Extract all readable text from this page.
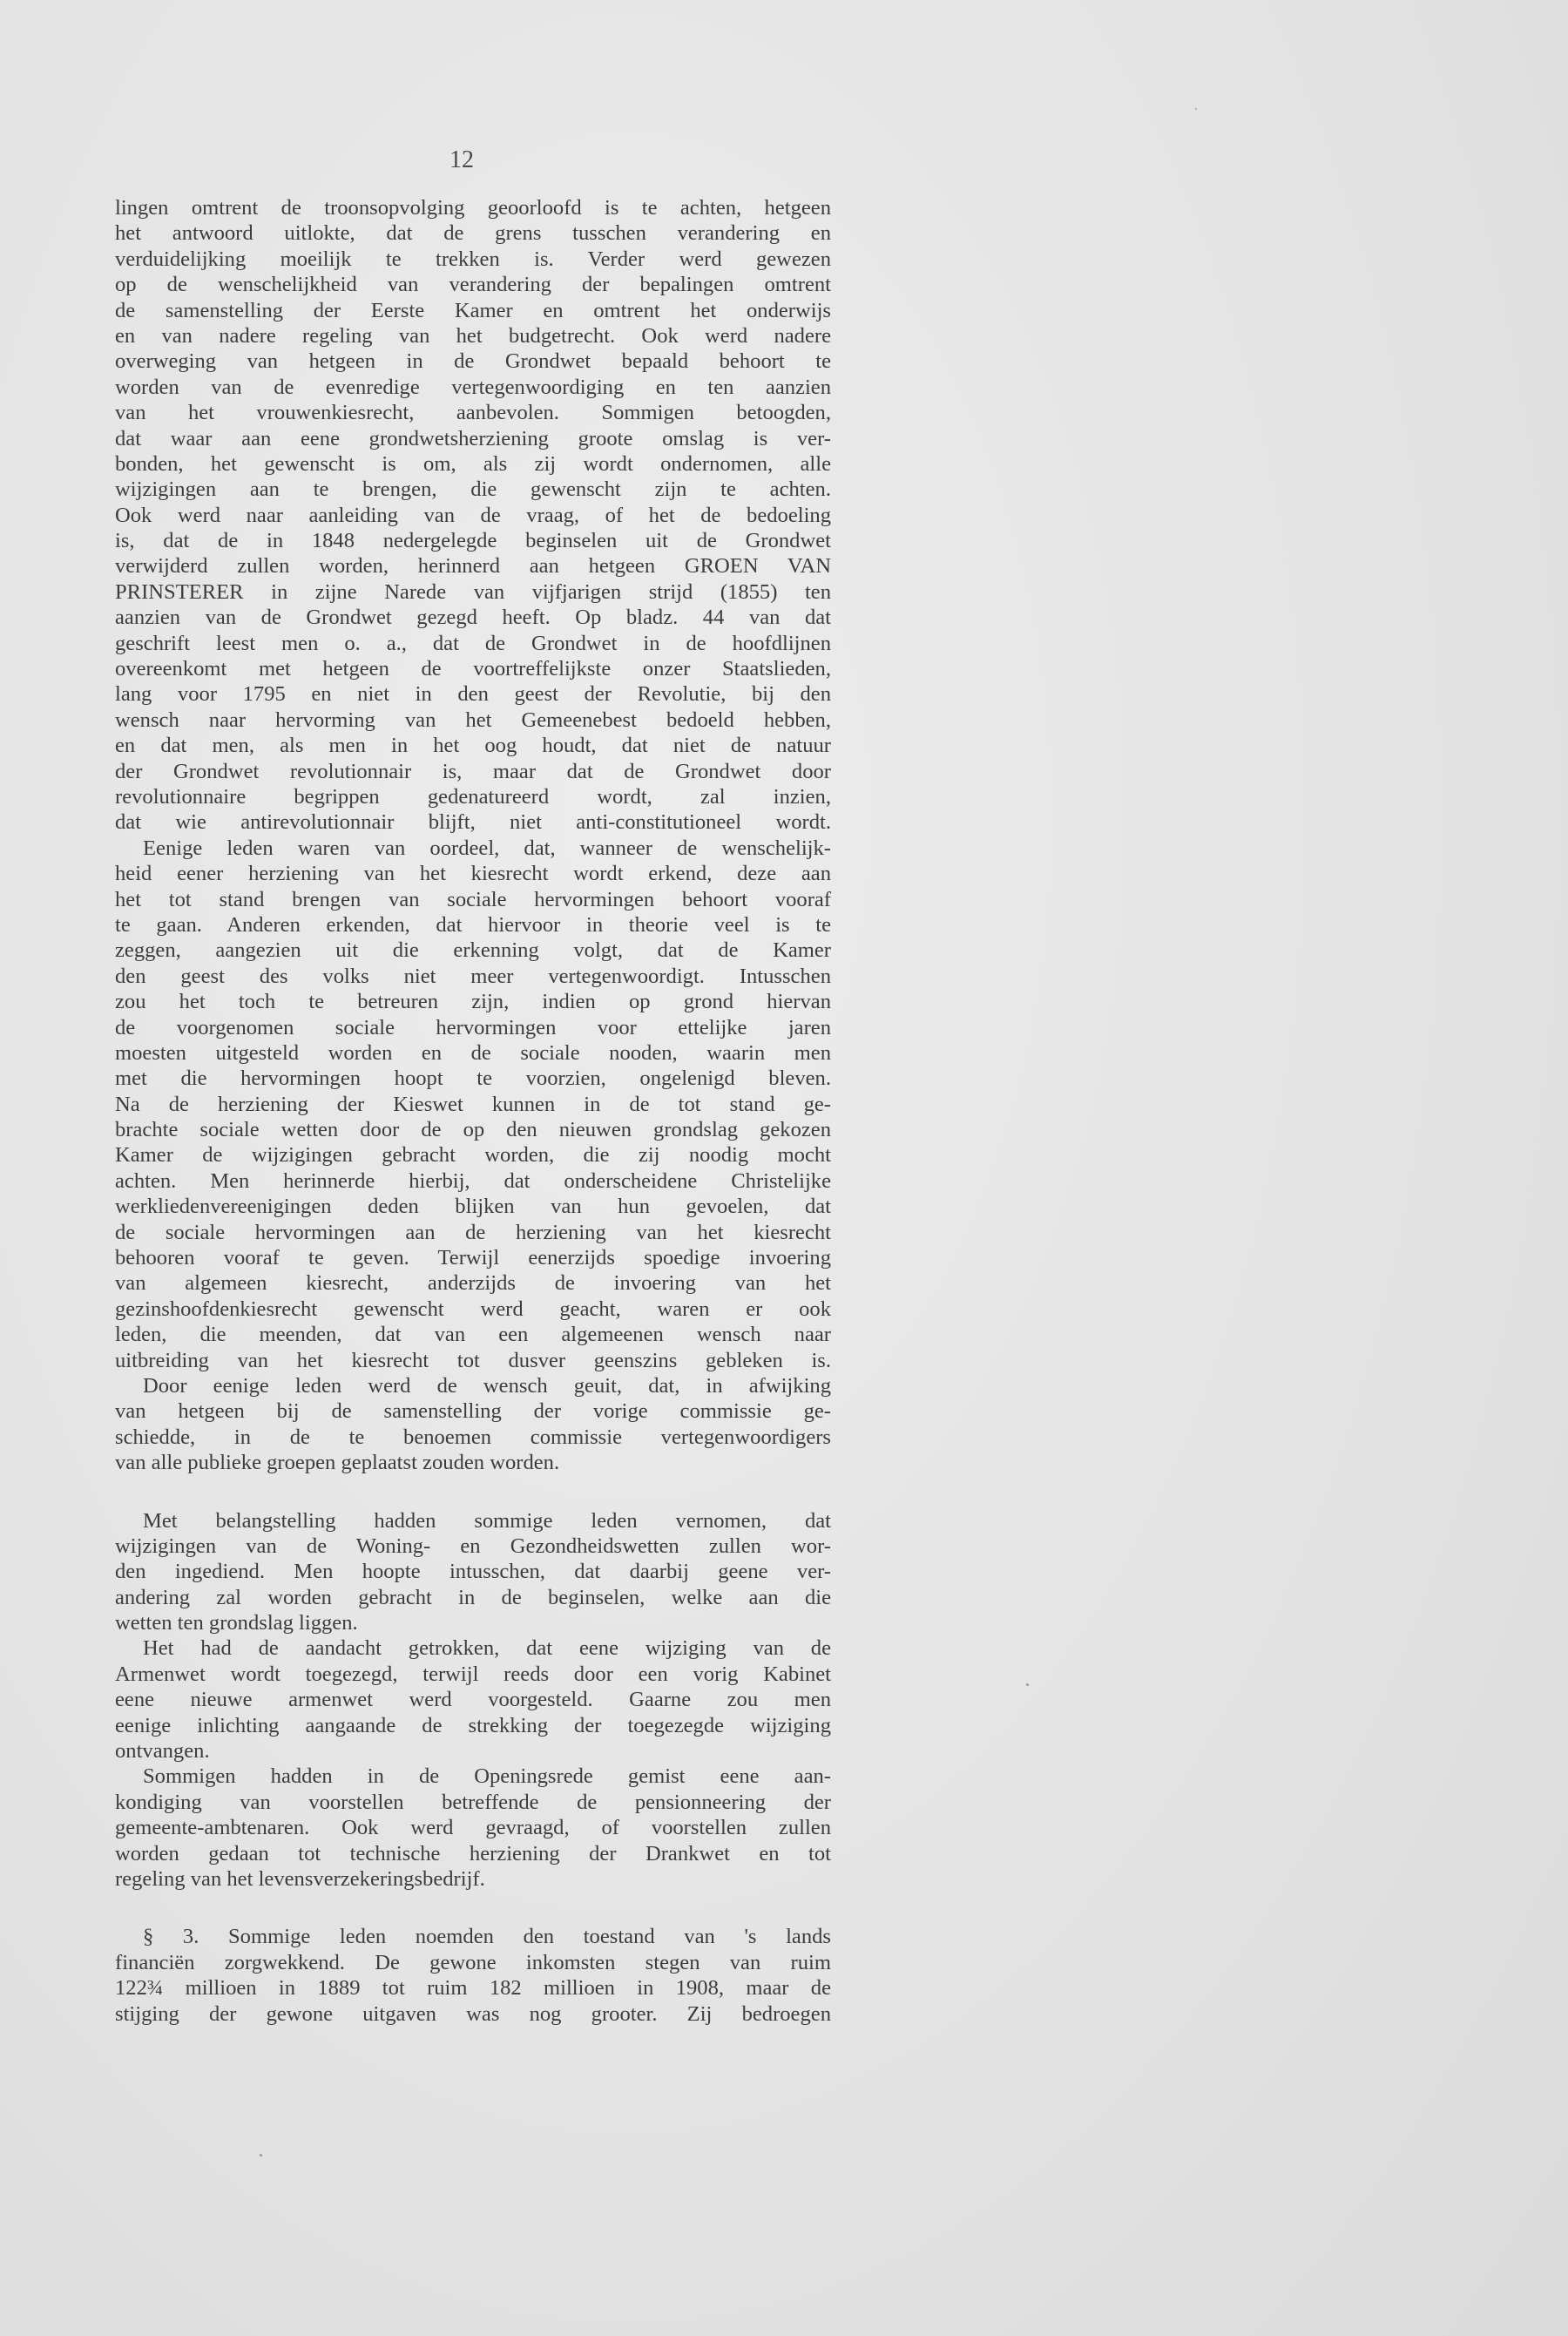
12

lingen omtrent de troonsopvolging geoorloofd is te achten, hetgeen
het antwoord uitlokte, dat de grens tusschen verandering en
verduidelijking moeilijk te trekken is. Verder werd gewezen
op de wenschelijkheid van verandering der bepalingen omtrent
de samenstelling der Eerste Kamer en omtrent het onderwijs
en van nadere regeling van het budgetrecht. Ook werd nadere
overweging van hetgeen in de Grondwet bepaald behoort te
worden van de evenredige vertegenwoordiging en ten aanzien
van het vrouwenkiesrecht, aanbevolen. Sommigen betoogden,
dat waar aan eene grondwetsherziening groote omslag is ver-
bonden, het gewenscht is om, als zij wordt ondernomen, alle
wijzigingen aan te brengen, die gewenscht zijn te achten.
Ook werd naar aanleiding van de vraag, of het de bedoeling
is, dat de in 1848 nedergelegde beginselen uit de Grondwet
verwijderd zullen worden, herinnerd aan hetgeen GROEN VAN
PRINSTERER in zijne Narede van vijfjarigen strijd (1855) ten
aanzien van de Grondwet gezegd heeft. Op bladz. 44 van dat
geschrift leest men o. a., dat de Grondwet in de hoofdlijnen
overeenkomt met hetgeen de voortreffelijkste onzer Staatslieden,
lang voor 1795 en niet in den geest der Revolutie, bij den
wensch naar hervorming van het Gemeenebest bedoeld hebben,
en dat men, als men in het oog houdt, dat niet de natuur
der Grondwet revolutionnair is, maar dat de Grondwet door
revolutionnaire begrippen gedenatureerd wordt, zal inzien,
dat wie antirevolutionnair blijft, niet anti-constitutioneel wordt.
Eenige leden waren van oordeel, dat, wanneer de wenschelijk-
heid eener herziening van het kiesrecht wordt erkend, deze aan
het tot stand brengen van sociale hervormingen behoort vooraf
te gaan. Anderen erkenden, dat hiervoor in theorie veel is te
zeggen, aangezien uit die erkenning volgt, dat de Kamer
den geest des volks niet meer vertegenwoordigt. Intusschen
zou het toch te betreuren zijn, indien op grond hiervan
de voorgenomen sociale hervormingen voor ettelijke jaren
moesten uitgesteld worden en de sociale nooden, waarin men
met die hervormingen hoopt te voorzien, ongelenigd bleven.
Na de herziening der Kieswet kunnen in de tot stand ge-
brachte sociale wetten door de op den nieuwen grondslag gekozen
Kamer de wijzigingen gebracht worden, die zij noodig mocht
achten. Men herinnerde hierbij, dat onderscheidene Christelijke
werkliedenvereenigingen deden blijken van hun gevoelen, dat
de sociale hervormingen aan de herziening van het kiesrecht
behooren vooraf te geven. Terwijl eenerzijds spoedige invoering
van algemeen kiesrecht, anderzijds de invoering van het
gezinshoofdenkiesrecht gewenscht werd geacht, waren er ook
leden, die meenden, dat van een algemeenen wensch naar
uitbreiding van het kiesrecht tot dusver geenszins gebleken is.
Door eenige leden werd de wensch geuit, dat, in afwijking
van hetgeen bij de samenstelling der vorige commissie ge-
schiedde, in de te benoemen commissie vertegenwoordigers
van alle publieke groepen geplaatst zouden worden.
Met belangstelling hadden sommige leden vernomen, dat
wijzigingen van de Woning- en Gezondheidswetten zullen wor-
den ingediend. Men hoopte intusschen, dat daarbij geene ver-
andering zal worden gebracht in de beginselen, welke aan die
wetten ten grondslag liggen.
Het had de aandacht getrokken, dat eene wijziging van de
Armenwet wordt toegezegd, terwijl reeds door een vorig Kabinet
eene nieuwe armenwet werd voorgesteld. Gaarne zou men
eenige inlichting aangaande de strekking der toegezegde wijziging
ontvangen.
Sommigen hadden in de Openingsrede gemist eene aan-
kondiging van voorstellen betreffende de pensionneering der
gemeente-ambtenaren. Ook werd gevraagd, of voorstellen zullen
worden gedaan tot technische herziening der Drankwet en tot
regeling van het levensverzekeringsbedrijf.
§ 3. Sommige leden noemden den toestand van 's lands
financiën zorgwekkend. De gewone inkomsten stegen van ruim
122¾ millioen in 1889 tot ruim 182 millioen in 1908, maar de
stijging der gewone uitgaven was nog grooter. Zij bedroegen
